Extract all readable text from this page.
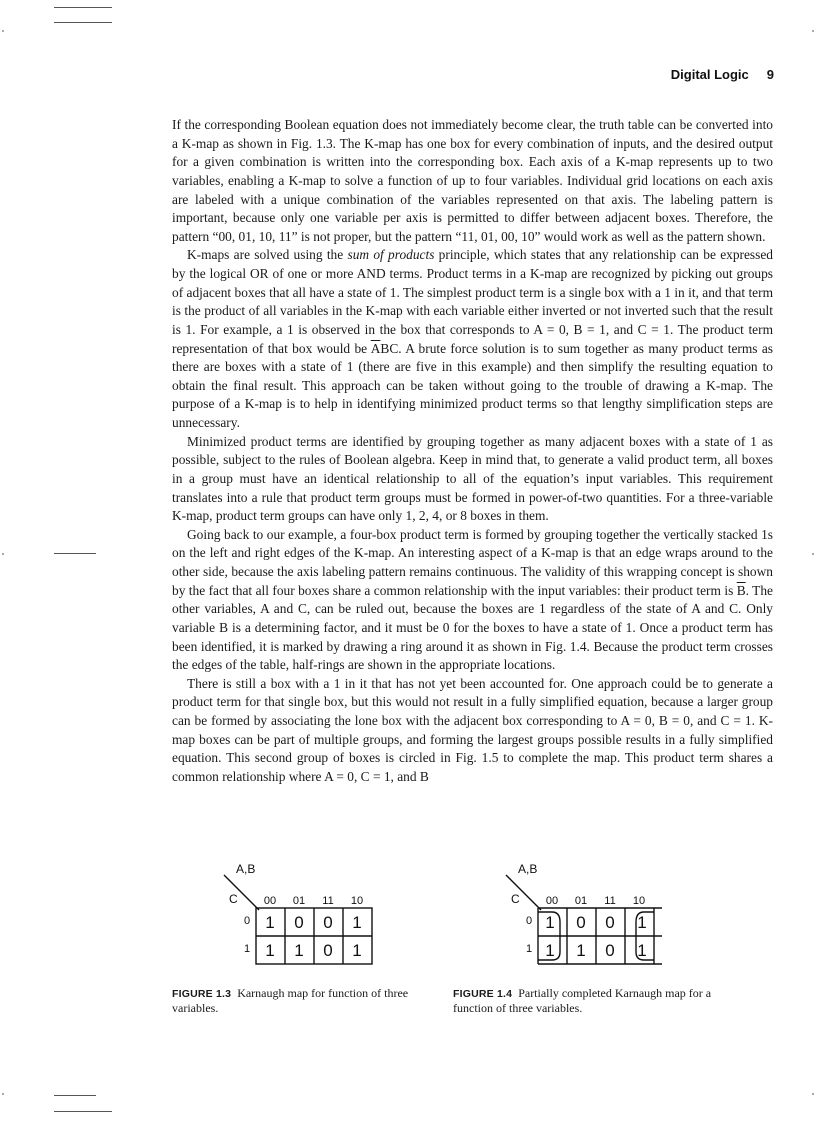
Digital Logic 9

If the corresponding Boolean equation does not immediately become clear, the truth table can be converted into a K-map as shown in Fig. 1.3. The K-map has one box for every combination of inputs, and the desired output for a given combination is written into the corresponding box. Each axis of a K-map represents up to two variables, enabling a K-map to solve a function of up to four variables. Individual grid locations on each axis are labeled with a unique combination of the variables represented on that axis. The labeling pattern is important, because only one variable per axis is permitted to differ between adjacent boxes. Therefore, the pattern “00, 01, 10, 11” is not proper, but the pattern “11, 01, 00, 10” would work as well as the pattern shown.

K-maps are solved using the sum of products principle, which states that any relationship can be expressed by the logical OR of one or more AND terms. Product terms in a K-map are recognized by picking out groups of adjacent boxes that all have a state of 1. The simplest product term is a single box with a 1 in it, and that term is the product of all variables in the K-map with each variable either inverted or not inverted such that the result is 1. For example, a 1 is observed in the box that corresponds to A = 0, B = 1, and C = 1. The product term representation of that box would be $\overline{A}BC$. A brute force solution is to sum together as many product terms as there are boxes with a state of 1 (there are five in this example) and then simplify the resulting equation to obtain the final result. This approach can be taken without going to the trouble of drawing a K-map. The purpose of a K-map is to help in identifying minimized product terms so that lengthy simplification steps are unnecessary.

Minimized product terms are identified by grouping together as many adjacent boxes with a state of 1 as possible, subject to the rules of Boolean algebra. Keep in mind that, to generate a valid product term, all boxes in a group must have an identical relationship to all of the equation’s input variables. This requirement translates into a rule that product term groups must be formed in power-of-two quantities. For a three-variable K-map, product term groups can have only 1, 2, 4, or 8 boxes in them.

Going back to our example, a four-box product term is formed by grouping together the vertically stacked 1s on the left and right edges of the K-map. An interesting aspect of a K-map is that an edge wraps around to the other side, because the axis labeling pattern remains continuous. The validity of this wrapping concept is shown by the fact that all four boxes share a common relationship with the input variables: their product term is $\overline{B}$. The other variables, A and C, can be ruled out, because the boxes are 1 regardless of the state of A and C. Only variable B is a determining factor, and it must be 0 for the boxes to have a state of 1. Once a product term has been identified, it is marked by drawing a ring around it as shown in Fig. 1.4. Because the product term crosses the edges of the table, half-rings are shown in the appropriate locations.

There is still a box with a 1 in it that has not yet been accounted for. One approach could be to generate a product term for that single box, but this would not result in a fully simplified equation, because a larger group can be formed by associating the lone box with the adjacent box corresponding to A = 0, B = 0, and C = 1. K-map boxes can be part of multiple groups, and forming the largest groups possible results in a fully simplified equation. This second group of boxes is circled in Fig. 1.5 to complete the map. This product term shares a common relationship where A = 0, C = 1, and B

A,B
C 00 01 11 10
0
1
1 0 0 1
1 1 0 1
A,B
C 00 01 11 10
0
1
1 0 0 1
1 1 0 1
FIGURE 1.3 Karnaugh map for function of three variables.
FIGURE 1.4 Partially completed Karnaugh map for a function of three variables.
